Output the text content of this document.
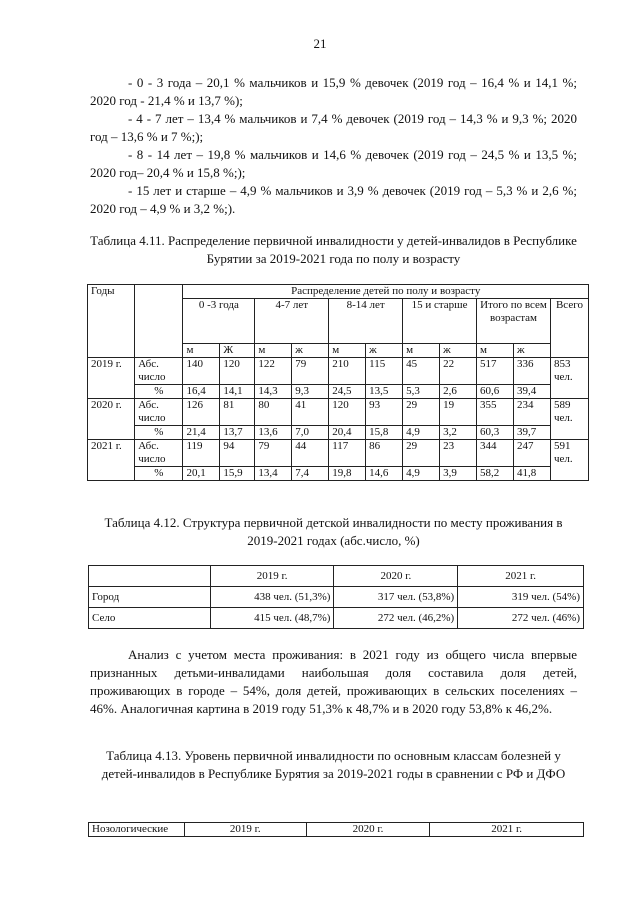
21
- 0 - 3 года – 20,1 % мальчиков и 15,9 % девочек (2019 год – 16,4 % и 14,1 %; 2020 год - 21,4 % и 13,7 %);
- 4 - 7 лет – 13,4 % мальчиков и 7,4 % девочек (2019 год – 14,3 % и 9,3 %; 2020 год – 13,6 % и 7 %;);
- 8 - 14 лет – 19,8 % мальчиков и 14,6 % девочек (2019 год – 24,5 % и 13,5 %; 2020 год– 20,4 % и 15,8 %;);
- 15 лет и старше – 4,9 % мальчиков и 3,9 % девочек (2019 год – 5,3 % и 2,6 %; 2020 год – 4,9 % и 3,2 %;).
Таблица 4.11. Распределение первичной инвалидности у детей-инвалидов в Республике Бурятии за 2019-2021 года по полу и возрасту
Годы		Распределение детей по полу и возрасту										
		0 -3 года		4-7 лет		8-14 лет		15 и старше		Итого по всем возрастам		Всего
		м	Ж	м	ж	м	ж	м	ж	м	ж	
2019 г.	Абс. число	140	120	122	79	210	115	45	22	517	336	853 чел.
	%	16,4	14,1	14,3	9,3	24,5	13,5	5,3	2,6	60,6	39,4	
2020 г.	Абс. число	126	81	80	41	120	93	29	19	355	234	589 чел.
	%	21,4	13,7	13,6	7,0	20,4	15,8	4,9	3,2	60,3	39,7	
2021 г.	Абс. число	119	94	79	44	117	86	29	23	344	247	591 чел.
	%	20,1	15,9	13,4	7,4	19,8	14,6	4,9	3,9	58,2	41,8	
Таблица 4.12. Структура первичной детской инвалидности по месту проживания в 2019-2021 годах (абс.число, %)
	2019 г.	2020 г.	2021 г.
Город	438 чел. (51,3%)	317 чел. (53,8%)	319 чел. (54%)
Село	415 чел. (48,7%)	272 чел. (46,2%)	272 чел. (46%)
Анализ с учетом места проживания: в 2021 году из общего числа впервые признанных детьми-инвалидами наибольшая доля составила доля детей, проживающих в городе – 54%, доля детей, проживающих в сельских поселениях – 46%. Аналогичная картина в 2019 году 51,3% к 48,7% и в 2020 году 53,8% к 46,2%.
Таблица 4.13. Уровень первичной инвалидности по основным классам болезней у детей-инвалидов в Республике Бурятия за 2019-2021 годы в сравнении с РФ и ДФО
Нозологические	2019 г.	2020 г.	2021 г.
